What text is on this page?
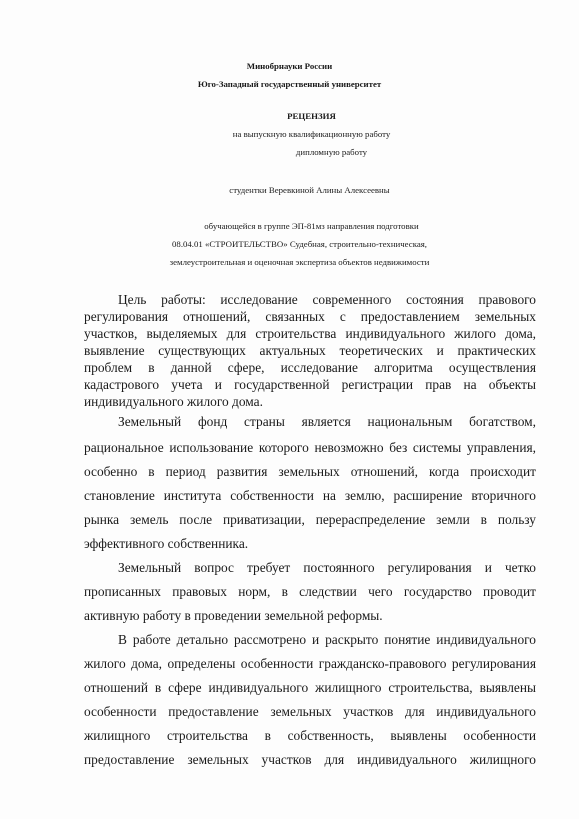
Минобрнауки России
Юго-Западный государственный университет
РЕЦЕНЗИЯ
на выпускную квалификационную работу
дипломную работу
студентки Веревкиной Алины Алексеевны
обучающейся в группе ЭП-81мз направления подготовки
08.04.01 «СТРОИТЕЛЬСТВО» Судебная, строительно-техническая,
землеустроительная и оценочная экспертиза объектов недвижимости
Цель работы: исследование современного состояния правового
регулирования отношений, связанных с предоставлением земельных
участков, выделяемых для строительства индивидуального жилого дома,
выявление существующих актуальных теоретических и практических
проблем в данной сфере, исследование алгоритма осуществления
кадастрового учета и государственной регистрации прав на объекты
индивидуального жилого дома.
Земельный фонд страны является национальным богатством,
рациональное использование которого невозможно без системы управления,
особенно в период развития земельных отношений, когда происходит
становление института собственности на землю, расширение вторичного
рынка земель после приватизации, перераспределение земли в пользу
эффективного собственника.
Земельный вопрос требует постоянного регулирования и четко
прописанных правовых норм, в следствии чего государство проводит
активную работу в проведении земельной реформы.
В работе детально рассмотрено и раскрыто понятие индивидуального
жилого дома, определены особенности гражданско-правового регулирования
отношений в сфере индивидуального жилищного строительства, выявлены
особенности предоставление земельных участков для индивидуального
жилищного строительства в собственность, выявлены особенности
предоставление земельных участков для индивидуального жилищного
